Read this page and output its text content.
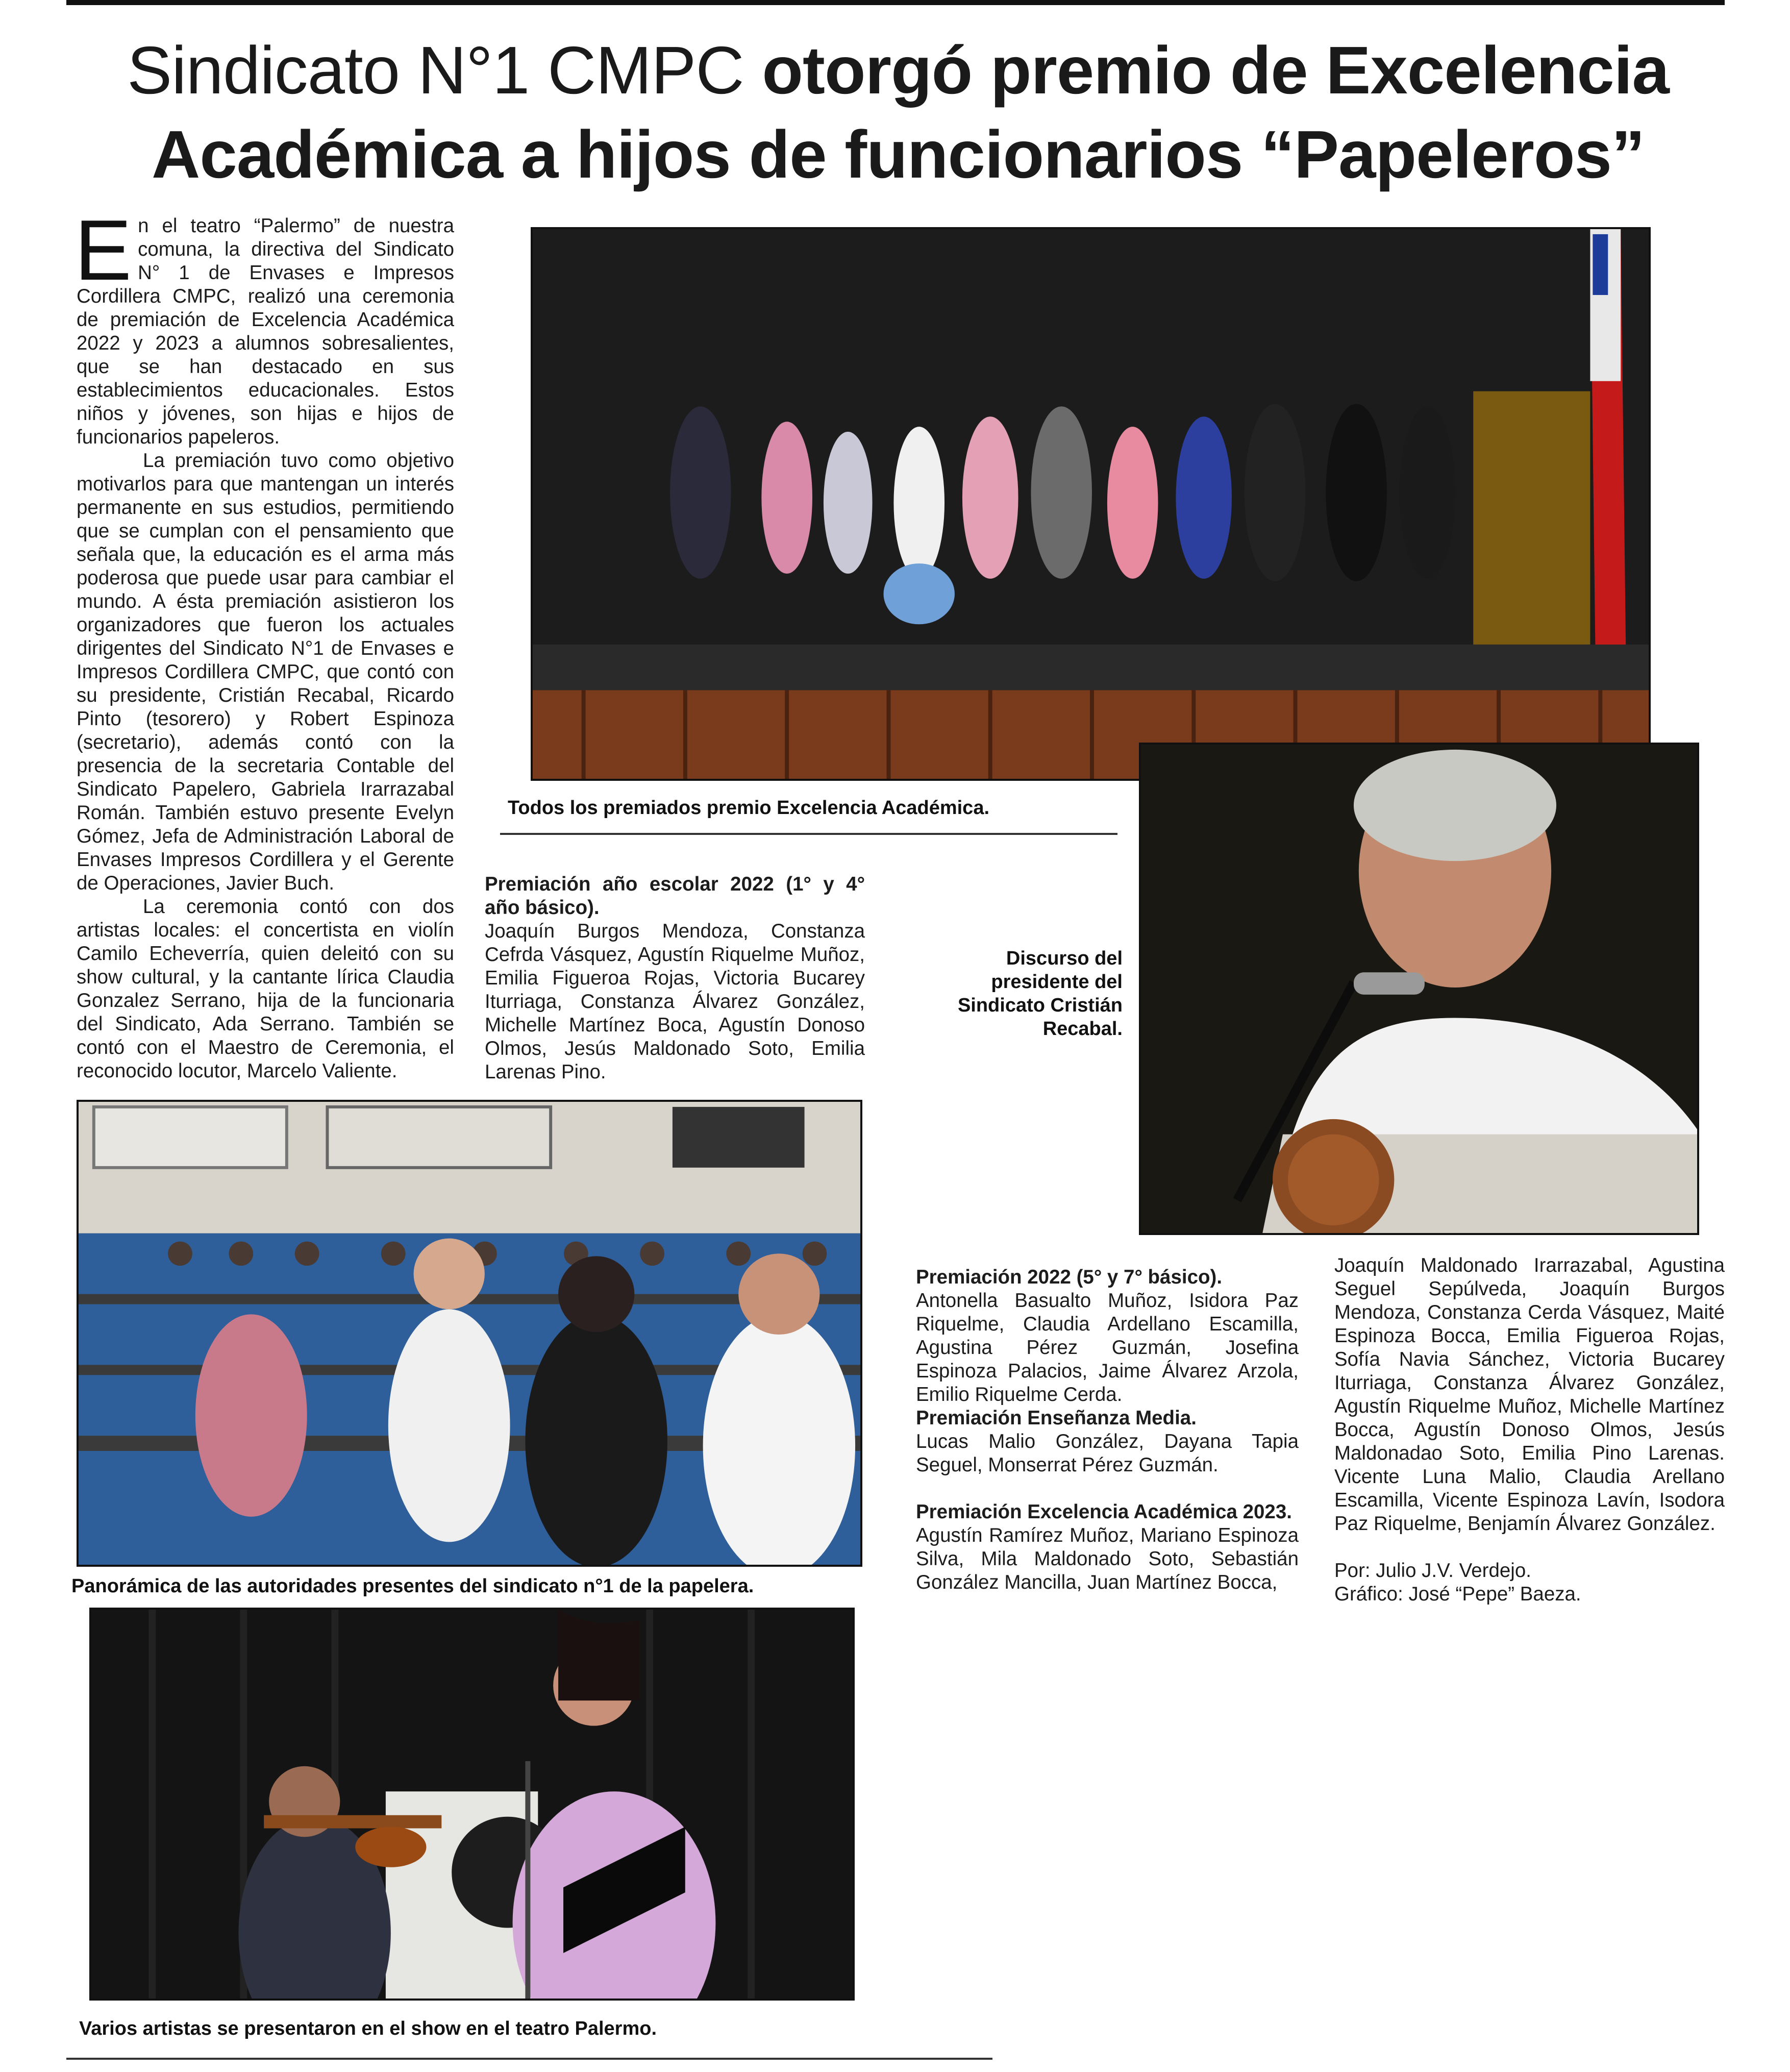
Sindicato N°1 CMPC otorgó premio de Excelencia Académica a hijos de funcionarios “Papeleros”

En el teatro “Palermo” de nuestra comuna, la directiva del Sindicato N° 1 de Envases e Impresos Cordillera CMPC, realizó una ceremonia de premiación de Excelencia Académica 2022 y 2023 a alumnos sobresalientes, que se han destacado en sus establecimientos educacionales. Estos niños y jóvenes, son hijas e hijos de funcionarios papeleros.

La premiación tuvo como objetivo motivarlos para que mantengan un interés permanente en sus estudios, permitiendo que se cumplan con el pensamiento que señala que, la educación es el arma más poderosa que puede usar para cambiar el mundo. A ésta premiación asistieron los organizadores que fueron los actuales dirigentes del Sindicato N°1 de Envases e Impresos Cordillera CMPC, que contó con su presidente, Cristián Recabal, Ricardo Pinto (tesorero) y Robert Espinoza (secretario), además contó con la presencia de la secretaria Contable del Sindicato Papelero, Gabriela Irarrazabal Román. También estuvo presente Evelyn Gómez, Jefa de Administración Laboral de Envases Impresos Cordillera y el Gerente de Operaciones, Javier Buch.

La ceremonia contó con dos artistas locales: el concertista en violín Camilo Echeverría, quien deleitó con su show cultural, y la cantante lírica Claudia Gonzalez Serrano, hija de la funcionaria del Sindicato, Ada Serrano. También se contó con el Maestro de Ceremonia, el reconocido locutor, Marcelo Valiente.

Todos los premiados premio Excelencia Académica.

Premiación año escolar 2022 (1° y 4° año básico).

Joaquín Burgos Mendoza, Constanza Cefrda Vásquez, Agustín Riquelme Muñoz, Emilia Figueroa Rojas, Victoria Bucarey Iturriaga, Constanza Álvarez González, Michelle Martínez Boca, Agustín Donoso Olmos, Jesús Maldonado Soto, Emilia Larenas Pino.

Discurso del presidente del Sindicato Cristián Recabal.

Panorámica de las autoridades presentes del sindicato n°1 de la papelera.

Varios artistas se presentaron en el show en el teatro Palermo.

Premiación 2022 (5° y 7° básico).

Antonella Basualto Muñoz, Isidora Paz Riquelme, Claudia Ardellano Escamilla, Agustina Pérez Guzmán, Josefina Espinoza Palacios, Jaime Álvarez Arzola, Emilio Riquelme Cerda.

Premiación Enseñanza Media.

Lucas Malio González, Dayana Tapia Seguel, Monserrat Pérez Guzmán.

Premiación Excelencia Académica 2023.

Agustín Ramírez Muñoz, Mariano Espinoza Silva, Mila Maldonado Soto, Sebastián González Mancilla, Juan Martínez Bocca,

Joaquín Maldonado Irarrazabal, Agustina Seguel Sepúlveda, Joaquín Burgos Mendoza, Constanza Cerda Vásquez, Maité Espinoza Bocca, Emilia Figueroa Rojas, Sofía Navia Sánchez, Victoria Bucarey Iturriaga, Constanza Álvarez González, Agustín Riquelme Muñoz, Michelle Martínez Bocca, Agustín Donoso Olmos, Jesús Maldonadao Soto, Emilia Pino Larenas. Vicente Luna Malio, Claudia Arellano Escamilla, Vicente Espinoza Lavín, Isodora Paz Riquelme, Benjamín Álvarez González.

Por: Julio J.V. Verdejo.

Gráfico: José “Pepe” Baeza.
